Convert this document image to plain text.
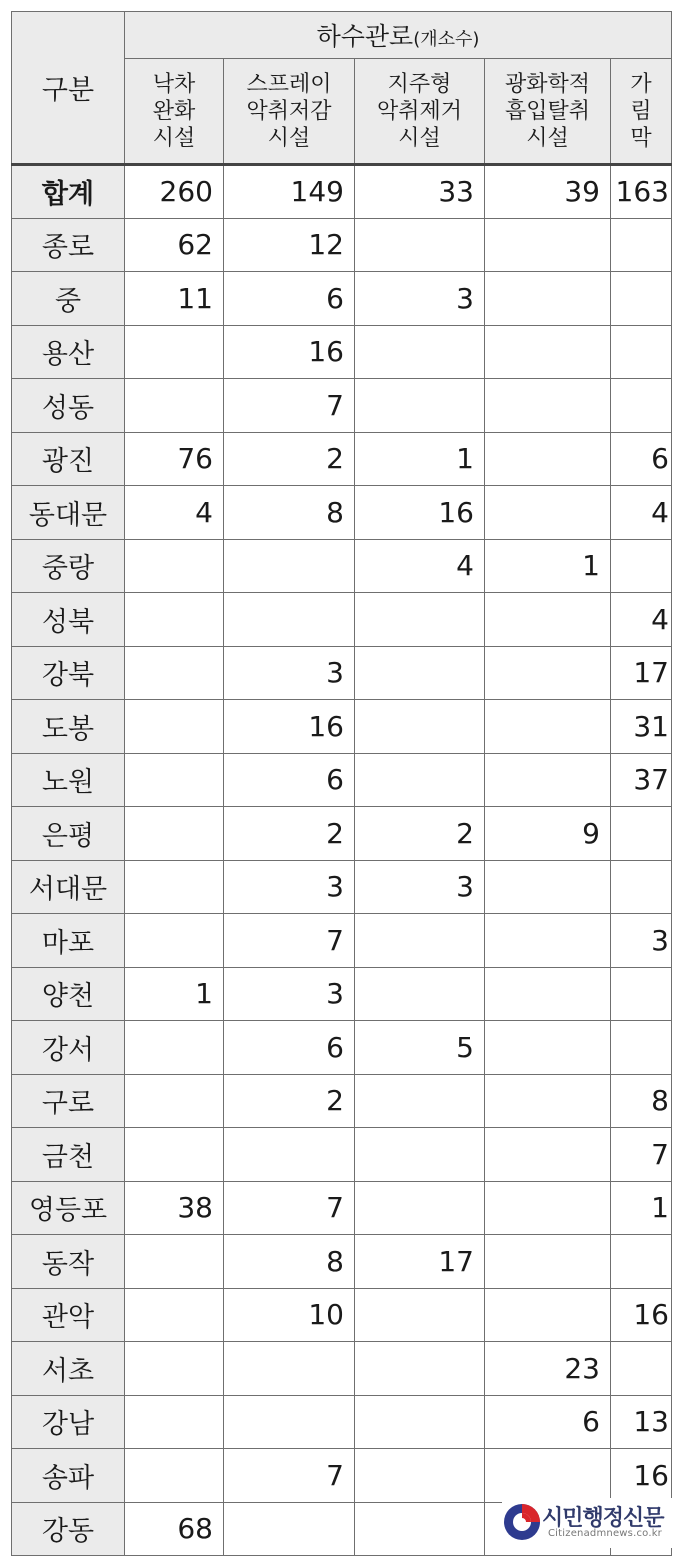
구분	하수관로(개소수)				

	낙차
완화
시설	스프레이
악취저감
시설	지주형
악취제거
시설	광화학적
흡입탈취
시설	가
림
막

합계	260	149	33	39	163
종로	62	12			
중	11	6	3		
용산		16			
성동		7			
광진	76	2	1		6
동대문	4	8	16		4
중랑			4	1	
성북					4
강북		3			17
도봉		16			31
노원		6			37
은평		2	2	9	
서대문		3	3		
마포		7			3
양천	1	3			
강서		6	5		
구로		2			8
금천					7
영등포	38	7			1
동작		8	17		
관악		10			16
서초				23	
강남				6	13
송파		7			16
강동	68					시민행정신문
Citizenadmnews.co.kr
